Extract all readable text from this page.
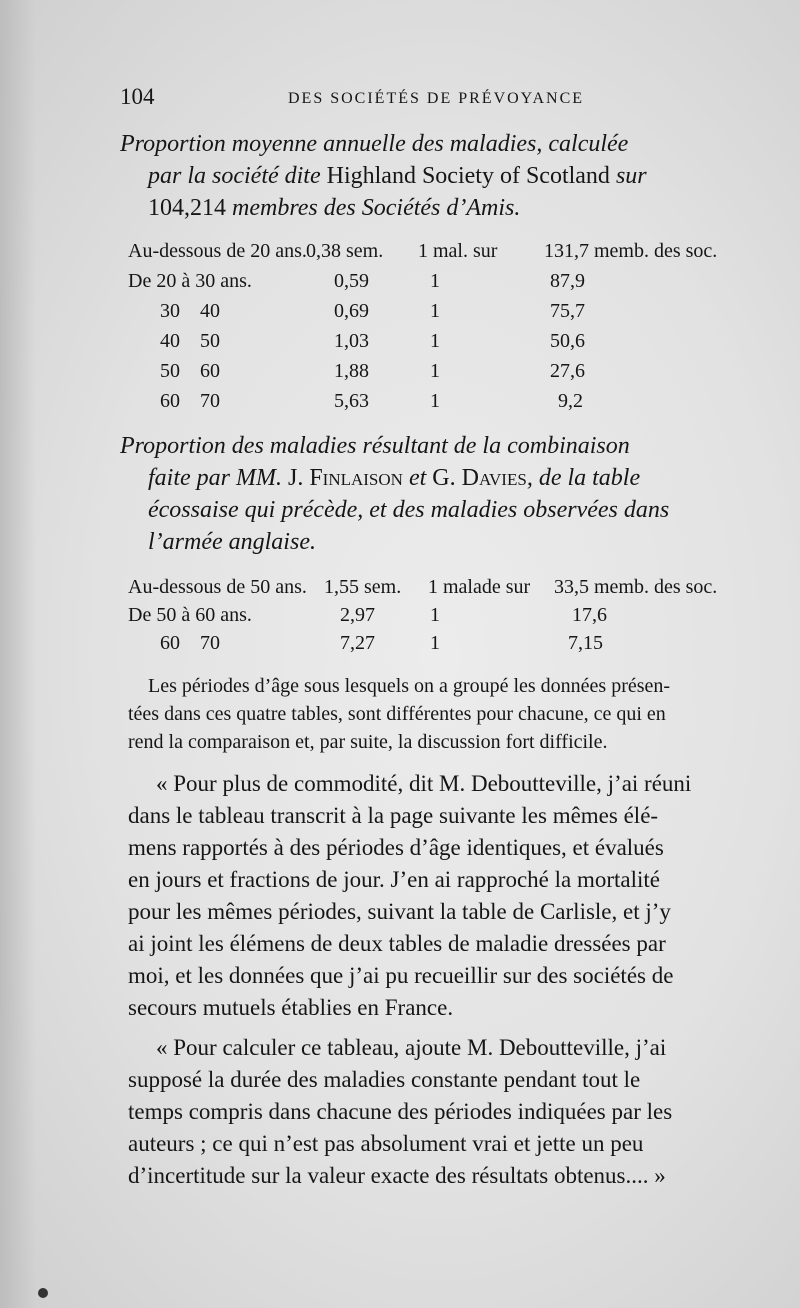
104	DES SOCIÉTÉS DE PRÉVOYANCE
Proportion moyenne annuelle des maladies, calculée
par la société dite Highland Society of Scotland sur
104,214 membres des Sociétés d’Amis.
Au-dessous de 20 ans. 0,38 sem. 1 mal. sur 131,7 memb. des soc.
De 20 à 30 ans.	0,59	1	87,9
30    40	0,69	1	75,7
40    50	1,03	1	50,6
50    60	1,88	1	27,6
60    70	5,63	1	9,2
Proportion des maladies résultant de la combinaison
faite par MM. J. Finlaison et G. Davies, de la table
écossaise qui précède, et des maladies observées dans
l’armée anglaise.
Au-dessous de 50 ans. 1,55 sem. 1 malade sur 33,5 memb. des soc.
De 50 à 60 ans.	2,97	1	17,6
60    70	7,27	1	7,15
Les périodes d’âge sous lesquels on a groupé les données présen-
tées dans ces quatre tables, sont différentes pour chacune, ce qui en
rend la comparaison et, par suite, la discussion fort difficile.
« Pour plus de commodité, dit M. Deboutteville, j’ai réuni
dans le tableau transcrit à la page suivante les mêmes élé-
mens rapportés à des périodes d’âge identiques, et évalués
en jours et fractions de jour. J’en ai rapproché la mortalité
pour les mêmes périodes, suivant la table de Carlisle, et j’y
ai joint les élémens de deux tables de maladie dressées par
moi, et les données que j’ai pu recueillir sur des sociétés de
secours mutuels établies en France.
« Pour calculer ce tableau, ajoute M. Deboutteville, j’ai
supposé la durée des maladies constante pendant tout le
temps compris dans chacune des périodes indiquées par les
auteurs ; ce qui n’est pas absolument vrai et jette un peu
d’incertitude sur la valeur exacte des résultats obtenus.... »
